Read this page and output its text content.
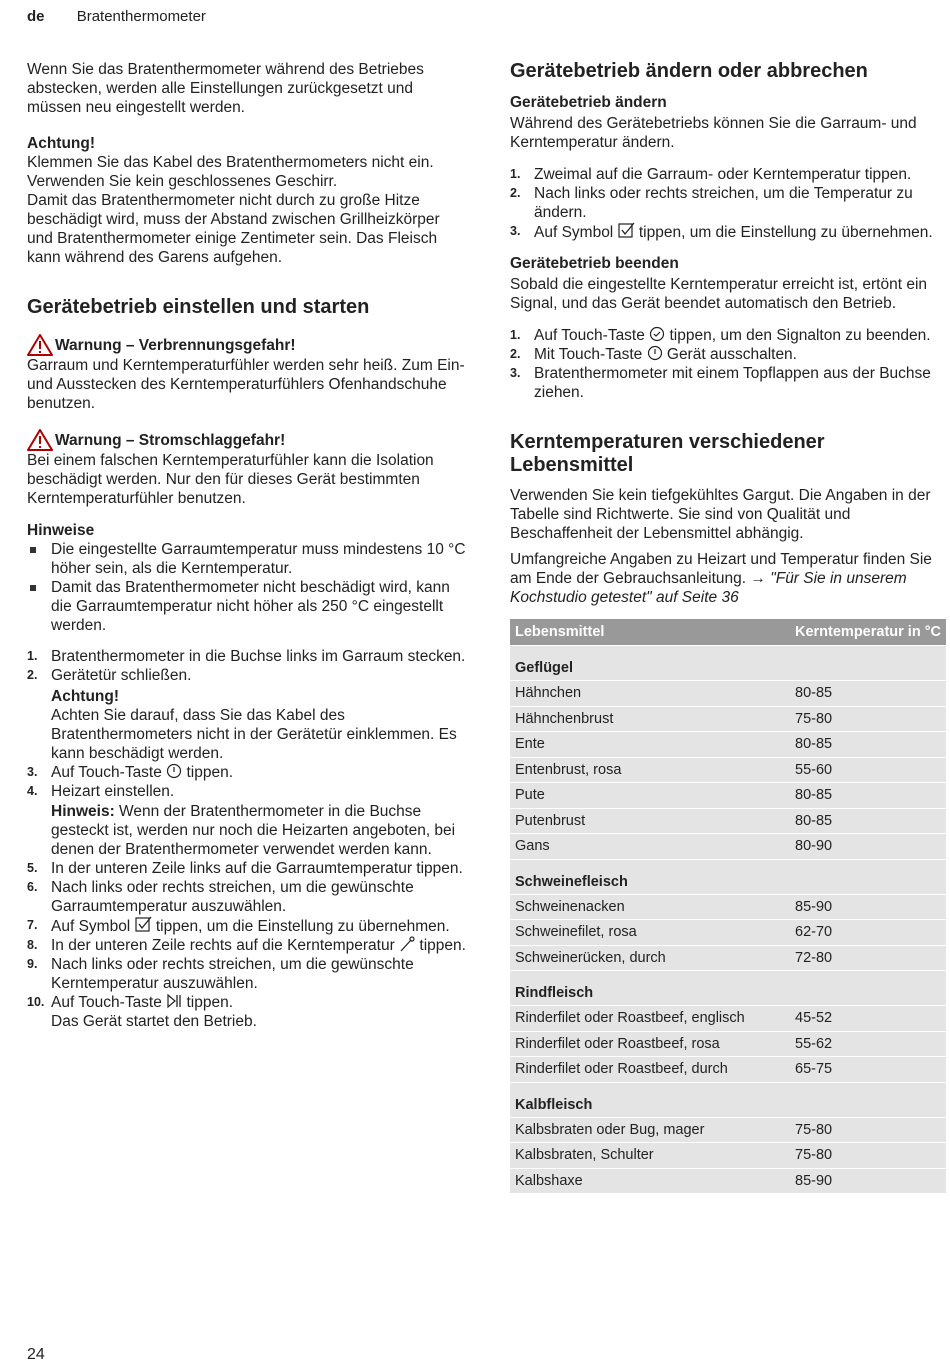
de Bratenthermometer

Wenn Sie das Bratenthermometer während des Betriebes abstecken, werden alle Einstellungen zurückgesetzt und müssen neu eingestellt werden.

Achtung!

Klemmen Sie das Kabel des Bratenthermometers nicht ein.

Verwenden Sie kein geschlossenes Geschirr.

Damit das Bratenthermometer nicht durch zu große Hitze beschädigt wird, muss der Abstand zwischen Grillheizkörper und Bratenthermometer einige Zentimeter sein. Das Fleisch kann während des Garens aufgehen.

Gerätebetrieb einstellen und starten
Warnung – Verbrennungsgefahr!

Garraum und Kerntemperaturfühler werden sehr heiß. Zum Ein- und Ausstecken des Kerntemperaturfühlers Ofenhandschuhe benutzen.

Warnung – Stromschlaggefahr!

Bei einem falschen Kerntemperaturfühler kann die Isolation beschädigt werden. Nur den für dieses Gerät bestimmten Kerntemperaturfühler benutzen.

Hinweise
Die eingestellte Garraumtemperatur muss mindestens 10 °C höher sein, als die Kerntemperatur.
Damit das Bratenthermometer nicht beschädigt wird, kann die Garraumtemperatur nicht höher als 250 °C eingestellt werden.
1. Bratenthermometer in die Buchse links im Garraum stecken.
2. Gerätetür schließen.
Achtung!
Achten Sie darauf, dass Sie das Kabel des Bratenthermometers nicht in der Gerätetür einklemmen. Es kann beschädigt werden.
3. Auf Touch-Taste  tippen.
4. Heizart einstellen.
Hinweis: Wenn der Bratenthermometer in die Buchse gesteckt ist, werden nur noch die Heizarten angeboten, bei denen der Bratenthermometer verwendet werden kann.
5. In der unteren Zeile links auf die Garraumtemperatur tippen.
6. Nach links oder rechts streichen, um die gewünschte Garraumtemperatur auszuwählen.
7. Auf Symbol  tippen, um die Einstellung zu übernehmen.
8. In der unteren Zeile rechts auf die Kerntemperatur  tippen.
9. Nach links oder rechts streichen, um die gewünschte Kerntemperatur auszuwählen.
10. Auf Touch-Taste  tippen.
Das Gerät startet den Betrieb.
Gerätebetrieb ändern oder abbrechen
Gerätebetrieb ändern

Während des Gerätebetriebs können Sie die Garraum- und Kerntemperatur ändern.

1. Zweimal auf die Garraum- oder Kerntemperatur tippen.
2. Nach links oder rechts streichen, um die Temperatur zu ändern.
3. Auf Symbol  tippen, um die Einstellung zu übernehmen.
Gerätebetrieb beenden

Sobald die eingestellte Kerntemperatur erreicht ist, ertönt ein Signal, und das Gerät beendet automatisch den Betrieb.

1. Auf Touch-Taste  tippen, um den Signalton zu beenden.
2. Mit Touch-Taste  Gerät ausschalten.
3. Bratenthermometer mit einem Topflappen aus der Buchse ziehen.
Kerntemperaturen verschiedener Lebensmittel

Verwenden Sie kein tiefgekühltes Gargut. Die Angaben in der Tabelle sind Richtwerte. Sie sind von Qualität und Beschaffenheit der Lebensmittel abhängig.

Umfangreiche Angaben zu Heizart und Temperatur finden Sie am Ende der Gebrauchsanleitung. → "Für Sie in unserem Kochstudio getestet" auf Seite 36

Lebensmittel	Kerntemperatur in °C
Geflügel	
Hähnchen	80-85
Hähnchenbrust	75-80
Ente	80-85
Entenbrust, rosa	55-60
Pute	80-85
Putenbrust	80-85
Gans	80-90
Schweinefleisch	
Schweinenacken	85-90
Schweinefilet, rosa	62-70
Schweinerücken, durch	72-80
Rindfleisch	
Rinderfilet oder Roastbeef, englisch	45-52
Rinderfilet oder Roastbeef, rosa	55-62
Rinderfilet oder Roastbeef, durch	65-75
Kalbfleisch	
Kalbsbraten oder Bug, mager	75-80
Kalbsbraten, Schulter	75-80
Kalbshaxe	85-90
24
